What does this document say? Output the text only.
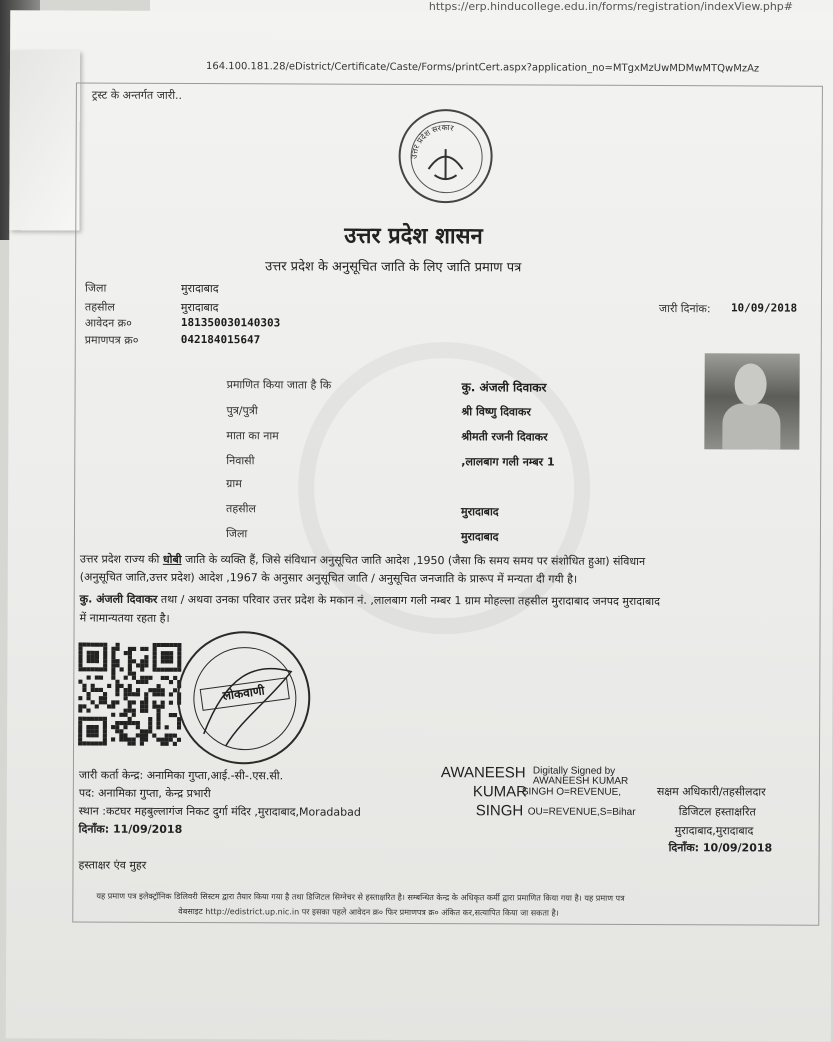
https://erp.hinducollege.edu.in/forms/registration/indexView.php#
164.100.181.28/eDistrict/Certificate/Caste/Forms/printCert.aspx?application_no=MTgxMzUwMDMwMTQwMzAz
ट्रस्ट के अन्तर्गत जारी..
उत्तर प्रदेश सरकार
उत्तर प्रदेश शासन
उत्तर प्रदेश के अनुसूचित जाति के लिए जाति प्रमाण पत्र
जिला	मुरादाबाद
तहसील	मुरादाबाद
आवेदन क्र०	181350030140303
प्रमाणपत्र क्र०	042184015647
जारी दिनांक: 10/09/2018
प्रमाणित किया जाता है कि	कु. अंजली दिवाकर
पुत्र/पुत्री	श्री विष्णु दिवाकर
माता का नाम	श्रीमती रजनी दिवाकर
निवासी	,लालबाग गली नम्बर 1
ग्राम
तहसील	मुरादाबाद
जिला	मुरादाबाद
उत्तर प्रदेश राज्य की धोबी जाति के व्यक्ति हैं, जिसे संविधान अनुसूचित जाति आदेश ,1950 (जैसा कि समय समय पर संशोधित हुआ) संविधान
(अनुसूचित जाति,उत्तर प्रदेश) आदेश ,1967 के अनुसार अनुसूचित जाति / अनुसूचित जनजाति के प्रारूप में मन्यता दी गयी है।
कु. अंजली दिवाकर तथा / अथवा उनका परिवार उत्तर प्रदेश के मकान नं. ,लालबाग गली नम्बर 1 ग्राम मोहल्ला तहसील मुरादाबाद जनपद मुरादाबाद
में नामान्यतया रहता है।
लोकवाणी
जारी कर्ता केन्द्र: अनामिका गुप्ता,आई.-सी-.एस.सी.
पद: अनामिका गुप्ता, केन्द्र प्रभारी
स्थान :कटघर महबुल्लागंज निकट दुर्गा मंदिर ,मुरादाबाद,Moradabad
दिनाँक: 11/09/2018
AWANEESH
KUMAR
SINGH
Digitally Signed by
AWANEESH KUMAR
SINGH O=REVENUE,
OU=REVENUE,S=Bihar
सक्षम अधिकारी/तहसीलदार
डिजिटल हस्ताक्षरित
मुरादाबाद,मुरादाबाद
दिनाँक: 10/09/2018
हस्ताक्षर एंव मुहर
यह प्रमाण पत्र इलेक्ट्रॉनिक डिलिवरी सिस्टम द्वारा तैयार किया गया है तथा डिजिटल सिग्नेचर से हस्ताक्षरित है। सम्बन्धित केन्द्र के अधिकृत कर्मी द्वारा प्रमाणित किया गया है। यह प्रमाण पत्र
वेबसाइट http://edistrict.up.nic.in पर इसका पहले आवेदन क्र० फिर प्रमाणपत्र क्र० अंकित कर,सत्यापित किया जा सकता है।
